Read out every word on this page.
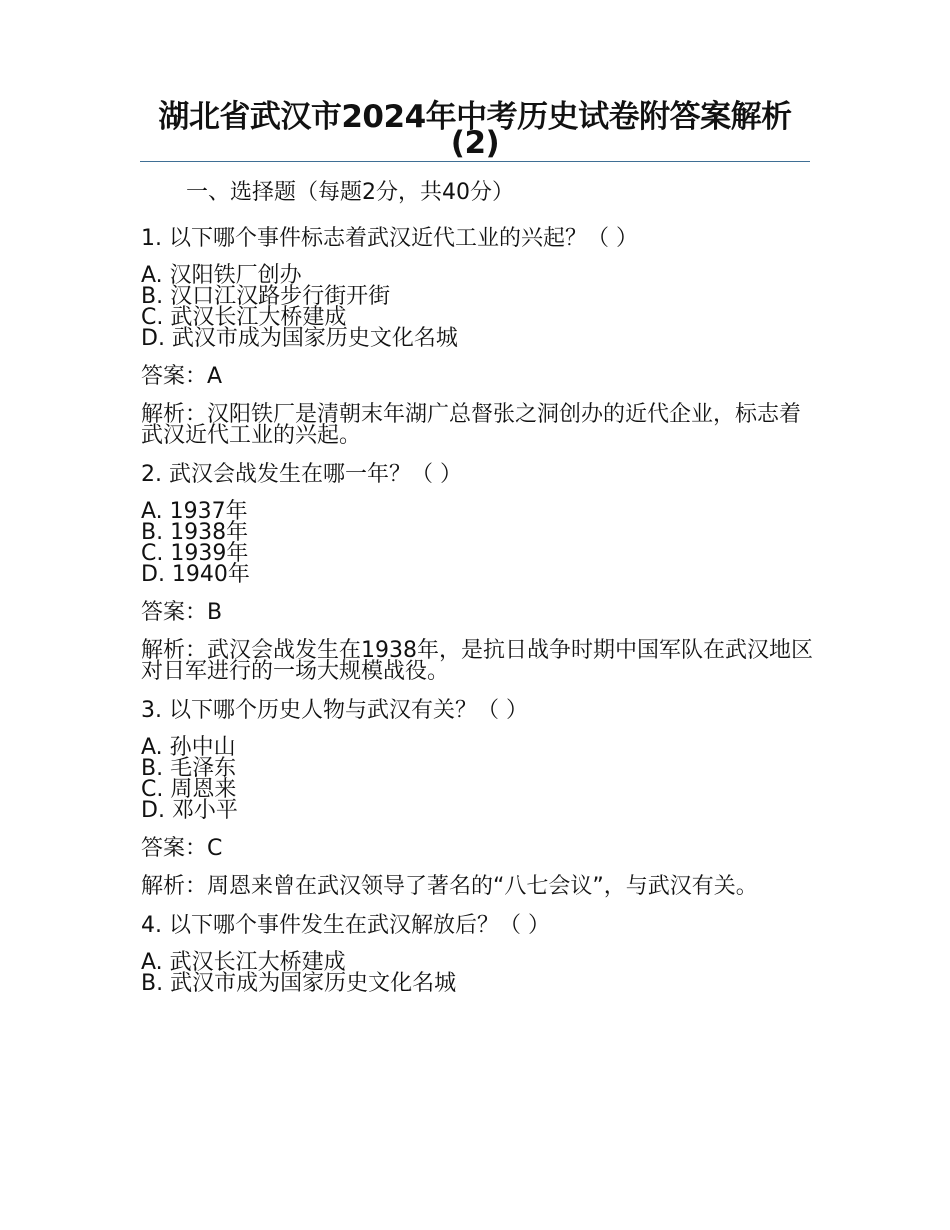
湖北省武汉市2024年中考历史试卷附答案解析(2)
一、选择题（每题2分，共40分）

1. 以下哪个事件标志着武汉近代工业的兴起？（ ）

A. 汉阳铁厂创办
B. 汉口江汉路步行街开街
C. 武汉长江大桥建成
D. 武汉市成为国家历史文化名城
答案：A
解析：汉阳铁厂是清朝末年湖广总督张之洞创办的近代企业，标志着武汉近代工业的兴起。

2. 武汉会战发生在哪一年？（ ）

A. 1937年
B. 1938年
C. 1939年
D. 1940年
答案：B
解析：武汉会战发生在1938年，是抗日战争时期中国军队在武汉地区对日军进行的一场大规模战役。

3. 以下哪个历史人物与武汉有关？（ ）

A. 孙中山
B. 毛泽东
C. 周恩来
D. 邓小平
答案：C
解析：周恩来曾在武汉领导了著名的“八七会议”，与武汉有关。

4. 以下哪个事件发生在武汉解放后？（ ）

A. 武汉长江大桥建成
B. 武汉市成为国家历史文化名城
